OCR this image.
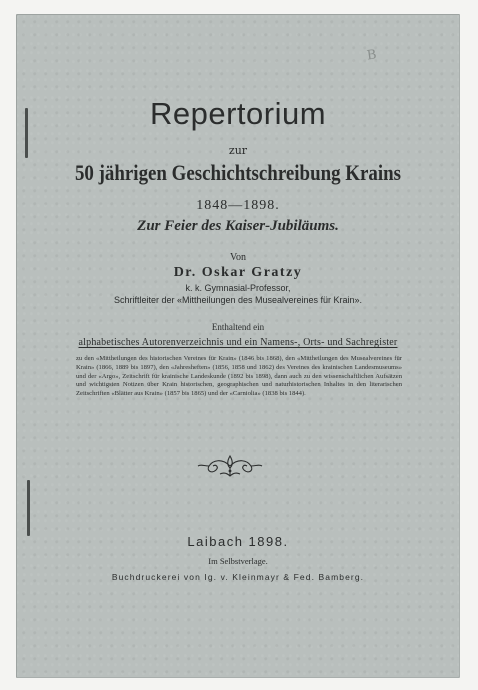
B
Repertorium
zur
50 jährigen Geschichtschreibung Krains
1848—1898.
Zur Feier des Kaiser-Jubiläums.
Von
Dr. Oskar Gratzy
k. k. Gymnasial-Professor,
Schriftleiter der «Mittheilungen des Musealvereines für Krain».
Enthaltend ein
alphabetisches Autorenverzeichnis und ein Namens-, Orts- und Sachregister

zu den «Mittheilungen des historischen Vereines für Krain» (1846 bis 1868), den «Mittheilungen des Musealvereines für Krain» (1866, 1889 bis 1897), den «Jahresheften» (1856, 1858 und 1862) des Vereines des krainischen Landesmuseums» und der «Argo», Zeitschrift für krainische Landeskunde (1892 bis 1898), dann auch zu den wissenschaftlichen Aufsätzen und wichtigsten Notizen über Krain historischen, geographischen und naturhistorischen Inhaltes in den literarischen Zeitschriften «Blätter aus Krain» (1857 bis 1865) und der «Carniolia» (1838 bis 1844).

Laibach 1898.
Im Selbstverlage.
Buchdruckerei von Ig. v. Kleinmayr & Fed. Bamberg.
